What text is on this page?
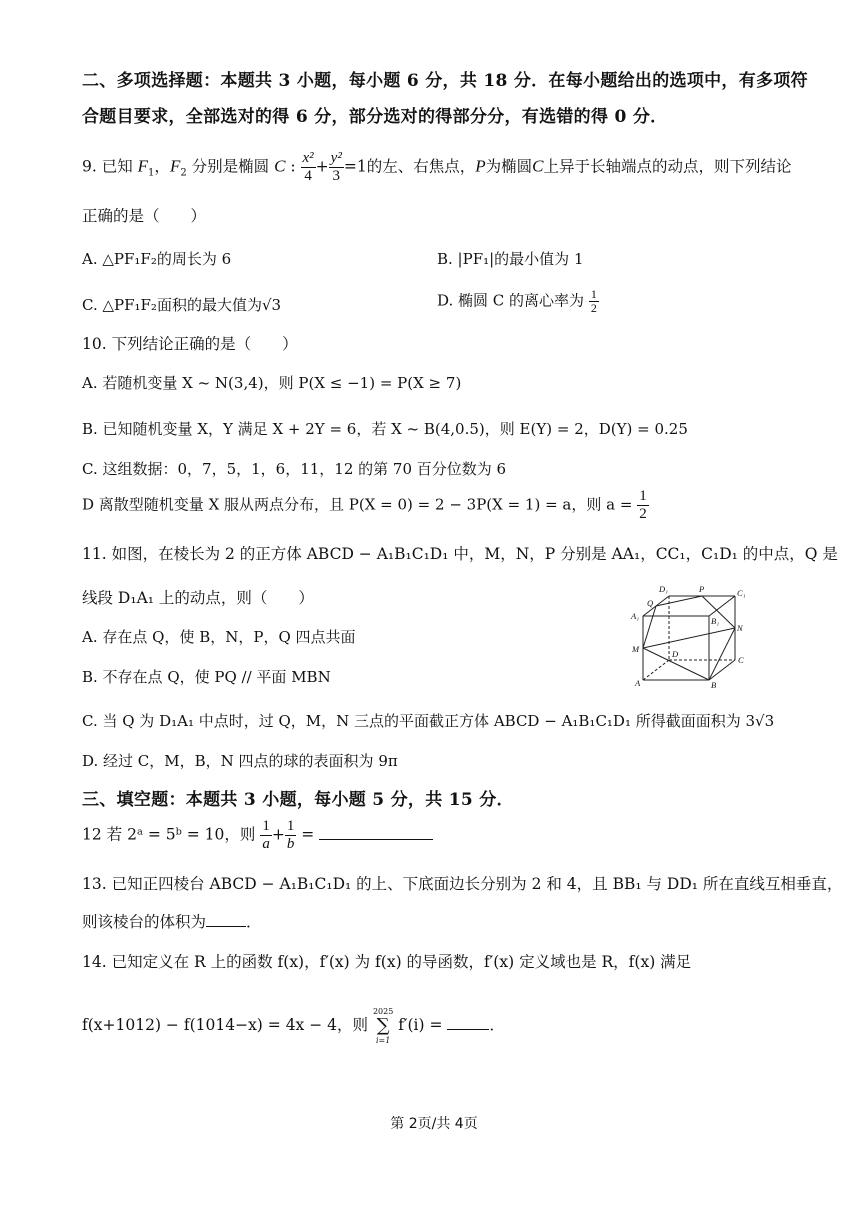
二、多项选择题：本题共 3 小题，每小题 6 分，共 18 分．在每小题给出的选项中，有多项符
合题目要求，全部选对的得 6 分，部分选对的得部分分，有选错的得 0 分．
9. 已知 $F_1$，$F_2$ 分别是椭圆 C : $\frac{\text{x²}}{4} + \frac{\text{y²}}{3} =1$的左、右焦点，P为椭圆C上异于长轴端点的动点，则下列结论
正确的是（　　）
A. △PF₁F₂的周长为 6	B. |PF₁|的最小值为 1
C. △PF₁F₂面积的最大值为√3	D. 椭圆 C 的离心率为 $\frac{1}{2}$
10. 下列结论正确的是（　　）
A. 若随机变量 X ~ N(3,4)，则 P(X ≤ −1) = P(X ≥ 7)
B. 已知随机变量 X，Y 满足 X + 2Y = 6，若 X ~ B(4,0.5)，则 E(Y) = 2，D(Y) = 0.25
C. 这组数据：0，7，5，1，6，11，12 的第 70 百分位数为 6
D 离散型随机变量 X 服从两点分布，且 P(X = 0) = 2 − 3P(X = 1) = a，则 $a = \frac{1}{2}$
11. 如图，在棱长为 2 的正方体 ABCD − A₁B₁C₁D₁ 中，M，N，P 分别是 AA₁，CC₁，C₁D₁ 的中点，Q 是
线段 D₁A₁ 上的动点，则（　　）
A. 存在点 Q，使 B，N，P，Q 四点共面
B. 不存在点 Q，使 PQ // 平面 MBN
C. 当 Q 为 D₁A₁ 中点时，过 Q，M，N 三点的平面截正方体 ABCD − A₁B₁C₁D₁ 所得截面面积为 3√3
D. 经过 C，M，B，N 四点的球的表面积为 9π
D₁	P	C₁
Q
A₁	B₁
N
M	D
C
A	B
三、填空题：本题共 3 小题，每小题 5 分，共 15 分．
12 若 2ᵃ = 5ᵇ = 10，则 $\frac{1}{a} + \frac{1}{b}$ =
13. 已知正四棱台 ABCD − A₁B₁C₁D₁ 的上、下底面边长分别为 2 和 4，且 BB₁ 与 DD₁ 所在直线互相垂直，
则该棱台的体积为	．
14. 已知定义在 R 上的函数 f(x)，f′(x) 为 f(x) 的导函数，f′(x) 定义域也是 R，f(x) 满足
f(x+1012) − f(1014−x) = 4x − 4，则
2025
∑
i=1
f′(i) =	．
第 2页/共 4页
